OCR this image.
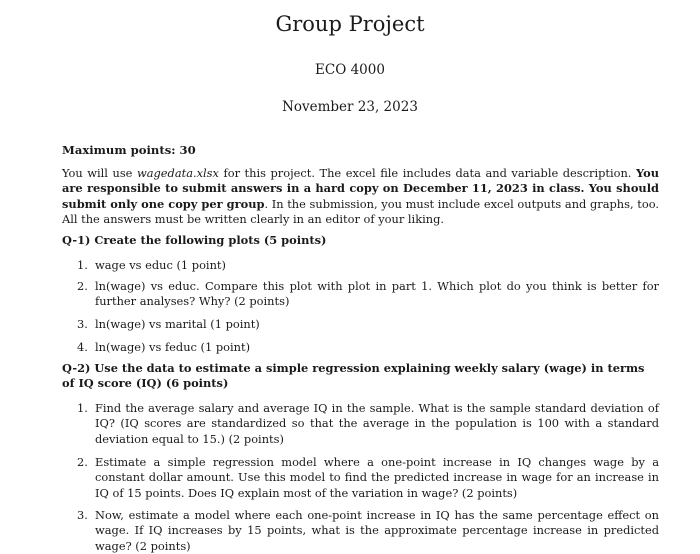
Group Project
ECO 4000
November 23, 2023
Maximum points: 30
You will use wagedata.xlsx for this project. The excel file includes data and variable description. You are responsible to submit answers in a hard copy on December 11, 2023 in class. You should submit only one copy per group. In the submission, you must include excel outputs and graphs, too. All the answers must be written clearly in an editor of your liking.
Q-1) Create the following plots (5 points)
1. wage vs educ (1 point)
2. ln(wage) vs educ. Compare this plot with plot in part 1. Which plot do you think is better for further analyses? Why? (2 points)
3. ln(wage) vs marital (1 point)
4. ln(wage) vs feduc (1 point)
Q-2) Use the data to estimate a simple regression explaining weekly salary (wage) in terms of IQ score (IQ) (6 points)
1. Find the average salary and average IQ in the sample. What is the sample standard deviation of IQ? (IQ scores are standardized so that the average in the population is 100 with a standard deviation equal to 15.) (2 points)
2. Estimate a simple regression model where a one-point increase in IQ changes wage by a constant dollar amount. Use this model to find the predicted increase in wage for an increase in IQ of 15 points. Does IQ explain most of the variation in wage? (2 points)
3. Now, estimate a model where each one-point increase in IQ has the same percentage effect on wage. If IQ increases by 15 points, what is the approximate percentage increase in predicted wage? (2 points)
